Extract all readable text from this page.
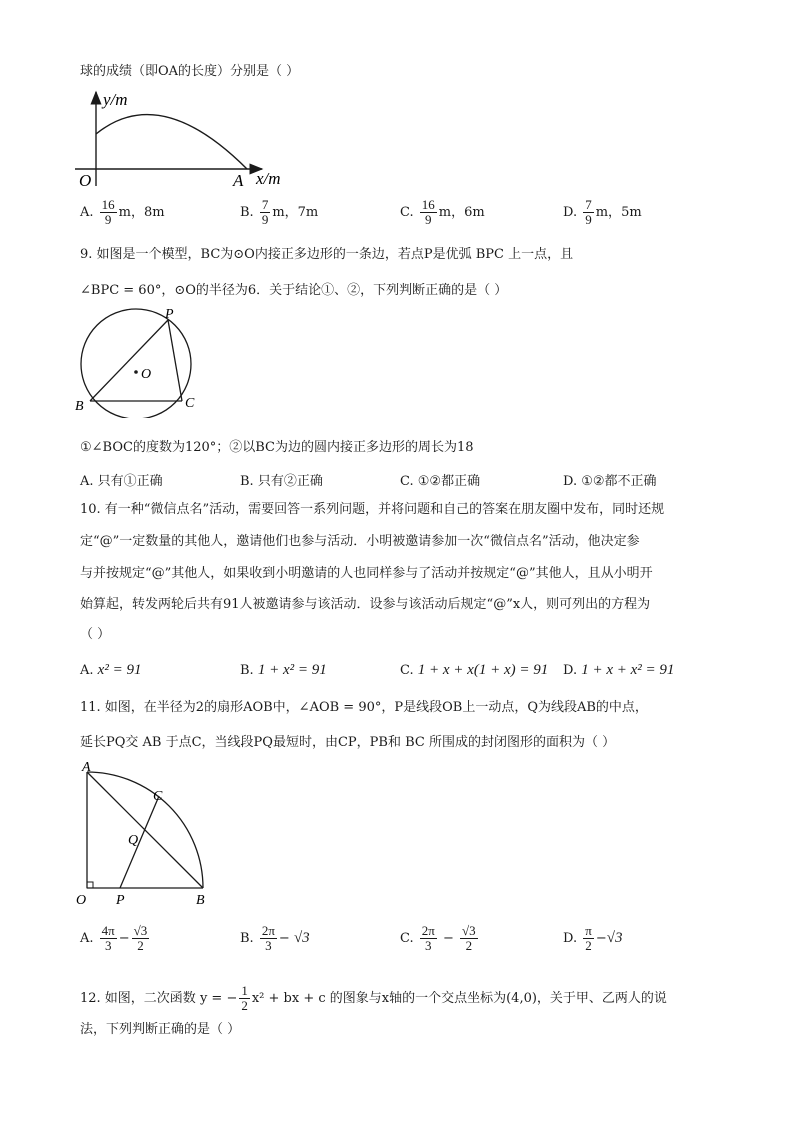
球的成绩（即OA的长度）分别是（ ）
y/m
x/m
O	A
A. $\frac{16}{9}$ m，8m	B. $\frac{7}{9}$ m，7m	C. $\frac{16}{9}$ m，6m	D. $\frac{7}{9}$ m，5m
9. 如图是一个模型，BC为⊙O内接正多边形的一条边，若点P是优弧 BPC 上一点，且
∠BPC = 60°，⊙O的半径为6．关于结论①、②，下列判断正确的是（ ）
P
O
B	C
①∠BOC的度数为120°；②以BC为边的圆内接正多边形的周长为18
A. 只有①正确	B. 只有②正确	C. ①②都正确	D. ①②都不正确
10. 有一种“微信点名”活动，需要回答一系列问题，并将问题和自己的答案在朋友圈中发布，同时还规
定“@”一定数量的其他人，邀请他们也参与活动．小明被邀请参加一次“微信点名”活动，他决定参
与并按规定“@”其他人，如果收到小明邀请的人也同样参与了活动并按规定“@”其他人，且从小明开
始算起，转发两轮后共有91人被邀请参与该活动．设参与该活动后规定“@”x人，则可列出的方程为
（ ）
A. x² = 91	B. 1 + x² = 91	C. 1 + x + x(1 + x) = 91 D. 1 + x + x² = 91
11. 如图，在半径为2的扇形AOB中，∠AOB = 90°，P是线段OB上一动点，Q为线段AB的中点，
延长PQ交 AB 于点C，当线段PQ最短时，由CP，PB和 BC 所围成的封闭图形的面积为（ ）
A
C
Q
O P	B
A. $\frac{4\pi}{3} - \frac{√3}{2}$	B. $\frac{2\pi}{3} - √3$	C. $\frac{2\pi}{3} - \frac{√3}{2}$	D. $\frac{\pi}{2} -√3$
12. 如图，二次函数 y = − $\frac{1}{2} x^2$ + bx + c 的图象与x轴的一个交点坐标为(4,0)，关于甲、乙两人的说
法，下列判断正确的是（ ）
